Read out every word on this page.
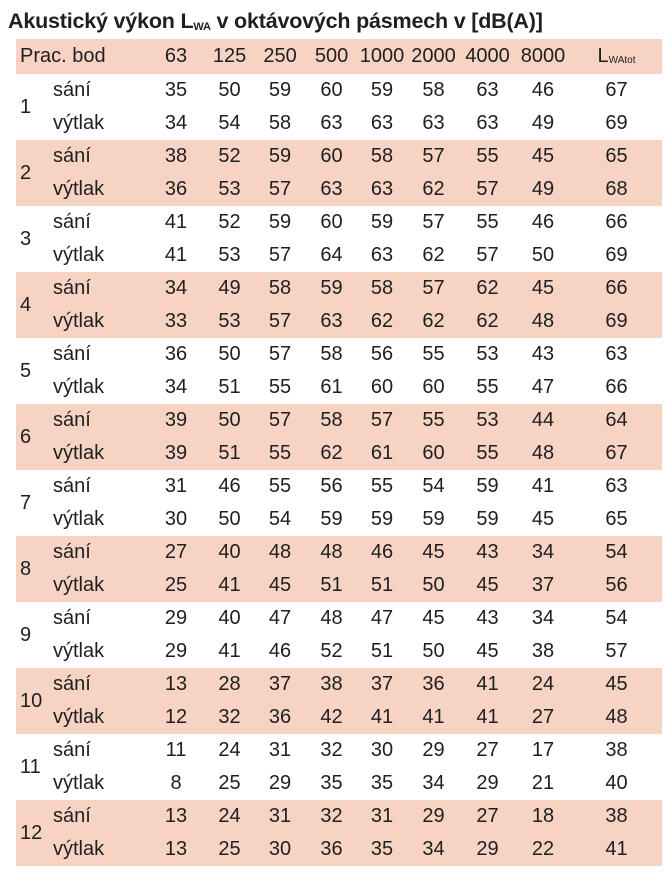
Akustický výkon $L_{WA}$ v oktávových pásmech v [dB(A)]
Prac. bod		63	125	250	500	1000	2000	4000	8000	$L_{WAtot}$
1	sání	35	50	59	60	59	58	63	46	67
	výtlak	34	54	58	63	63	63	63	49	69
2	sání	38	52	59	60	58	57	55	45	65
	výtlak	36	53	57	63	63	62	57	49	68
3	sání	41	52	59	60	59	57	55	46	66
	výtlak	41	53	57	64	63	62	57	50	69
4	sání	34	49	58	59	58	57	62	45	66
	výtlak	33	53	57	63	62	62	62	48	69
5	sání	36	50	57	58	56	55	53	43	63
	výtlak	34	51	55	61	60	60	55	47	66
6	sání	39	50	57	58	57	55	53	44	64
	výtlak	39	51	55	62	61	60	55	48	67
7	sání	31	46	55	56	55	54	59	41	63
	výtlak	30	50	54	59	59	59	59	45	65
8	sání	27	40	48	48	46	45	43	34	54
	výtlak	25	41	45	51	51	50	45	37	56
9	sání	29	40	47	48	47	45	43	34	54
	výtlak	29	41	46	52	51	50	45	38	57
10	sání	13	28	37	38	37	36	41	24	45
	výtlak	12	32	36	42	41	41	41	27	48
11	sání	11	24	31	32	30	29	27	17	38
	výtlak	8	25	29	35	35	34	29	21	40
12	sání	13	24	31	32	31	29	27	18	38
	výtlak	13	25	30	36	35	34	29	22	41
